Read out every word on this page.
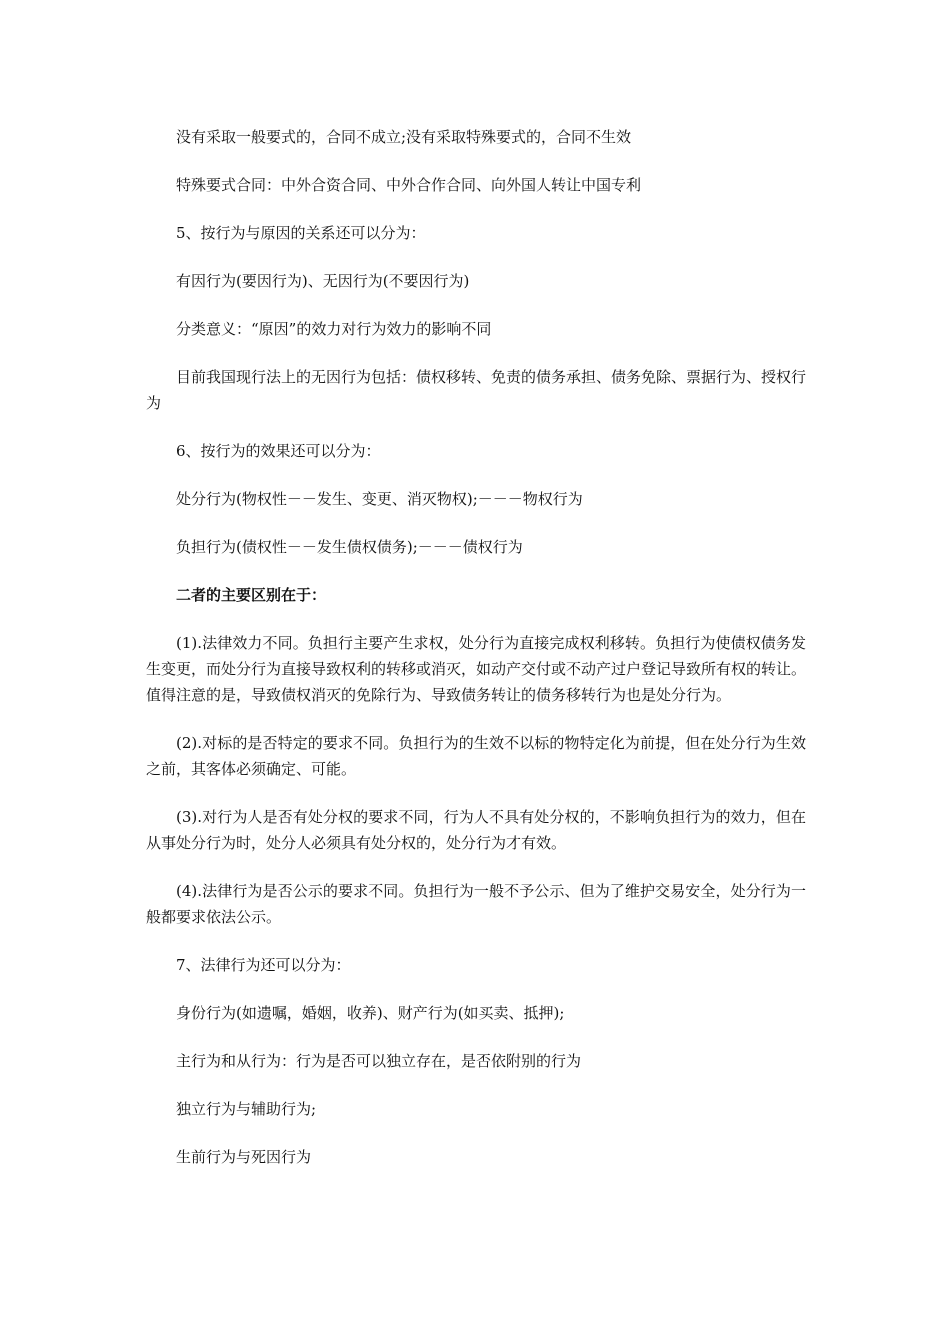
没有采取一般要式的，合同不成立;没有采取特殊要式的，合同不生效

特殊要式合同：中外合资合同、中外合作合同、向外国人转让中国专利

5、按行为与原因的关系还可以分为：

有因行为(要因行为)、无因行为(不要因行为)

分类意义：“原因”的效力对行为效力的影响不同

目前我国现行法上的无因行为包括：债权移转、免责的债务承担、债务免除、票据行为、授权行为

6、按行为的效果还可以分为：

处分行为(物权性－－发生、变更、消灭物权);－－－物权行为

负担行为(债权性－－发生债权债务);－－－债权行为

二者的主要区别在于：

(1).法律效力不同。负担行主要产生求权，处分行为直接完成权利移转。负担行为使债权债务发生变更，而处分行为直接导致权利的转移或消灭，如动产交付或不动产过户登记导致所有权的转让。值得注意的是，导致债权消灭的免除行为、导致债务转让的债务移转行为也是处分行为。

(2).对标的是否特定的要求不同。负担行为的生效不以标的物特定化为前提，但在处分行为生效之前，其客体必须确定、可能。

(3).对行为人是否有处分权的要求不同，行为人不具有处分权的，不影响负担行为的效力，但在从事处分行为时，处分人必须具有处分权的，处分行为才有效。

(4).法律行为是否公示的要求不同。负担行为一般不予公示、但为了维护交易安全，处分行为一般都要求依法公示。

7、法律行为还可以分为：

身份行为(如遗嘱，婚姻，收养)、财产行为(如买卖、抵押);

主行为和从行为：行为是否可以独立存在，是否依附别的行为

独立行为与辅助行为;

生前行为与死因行为
